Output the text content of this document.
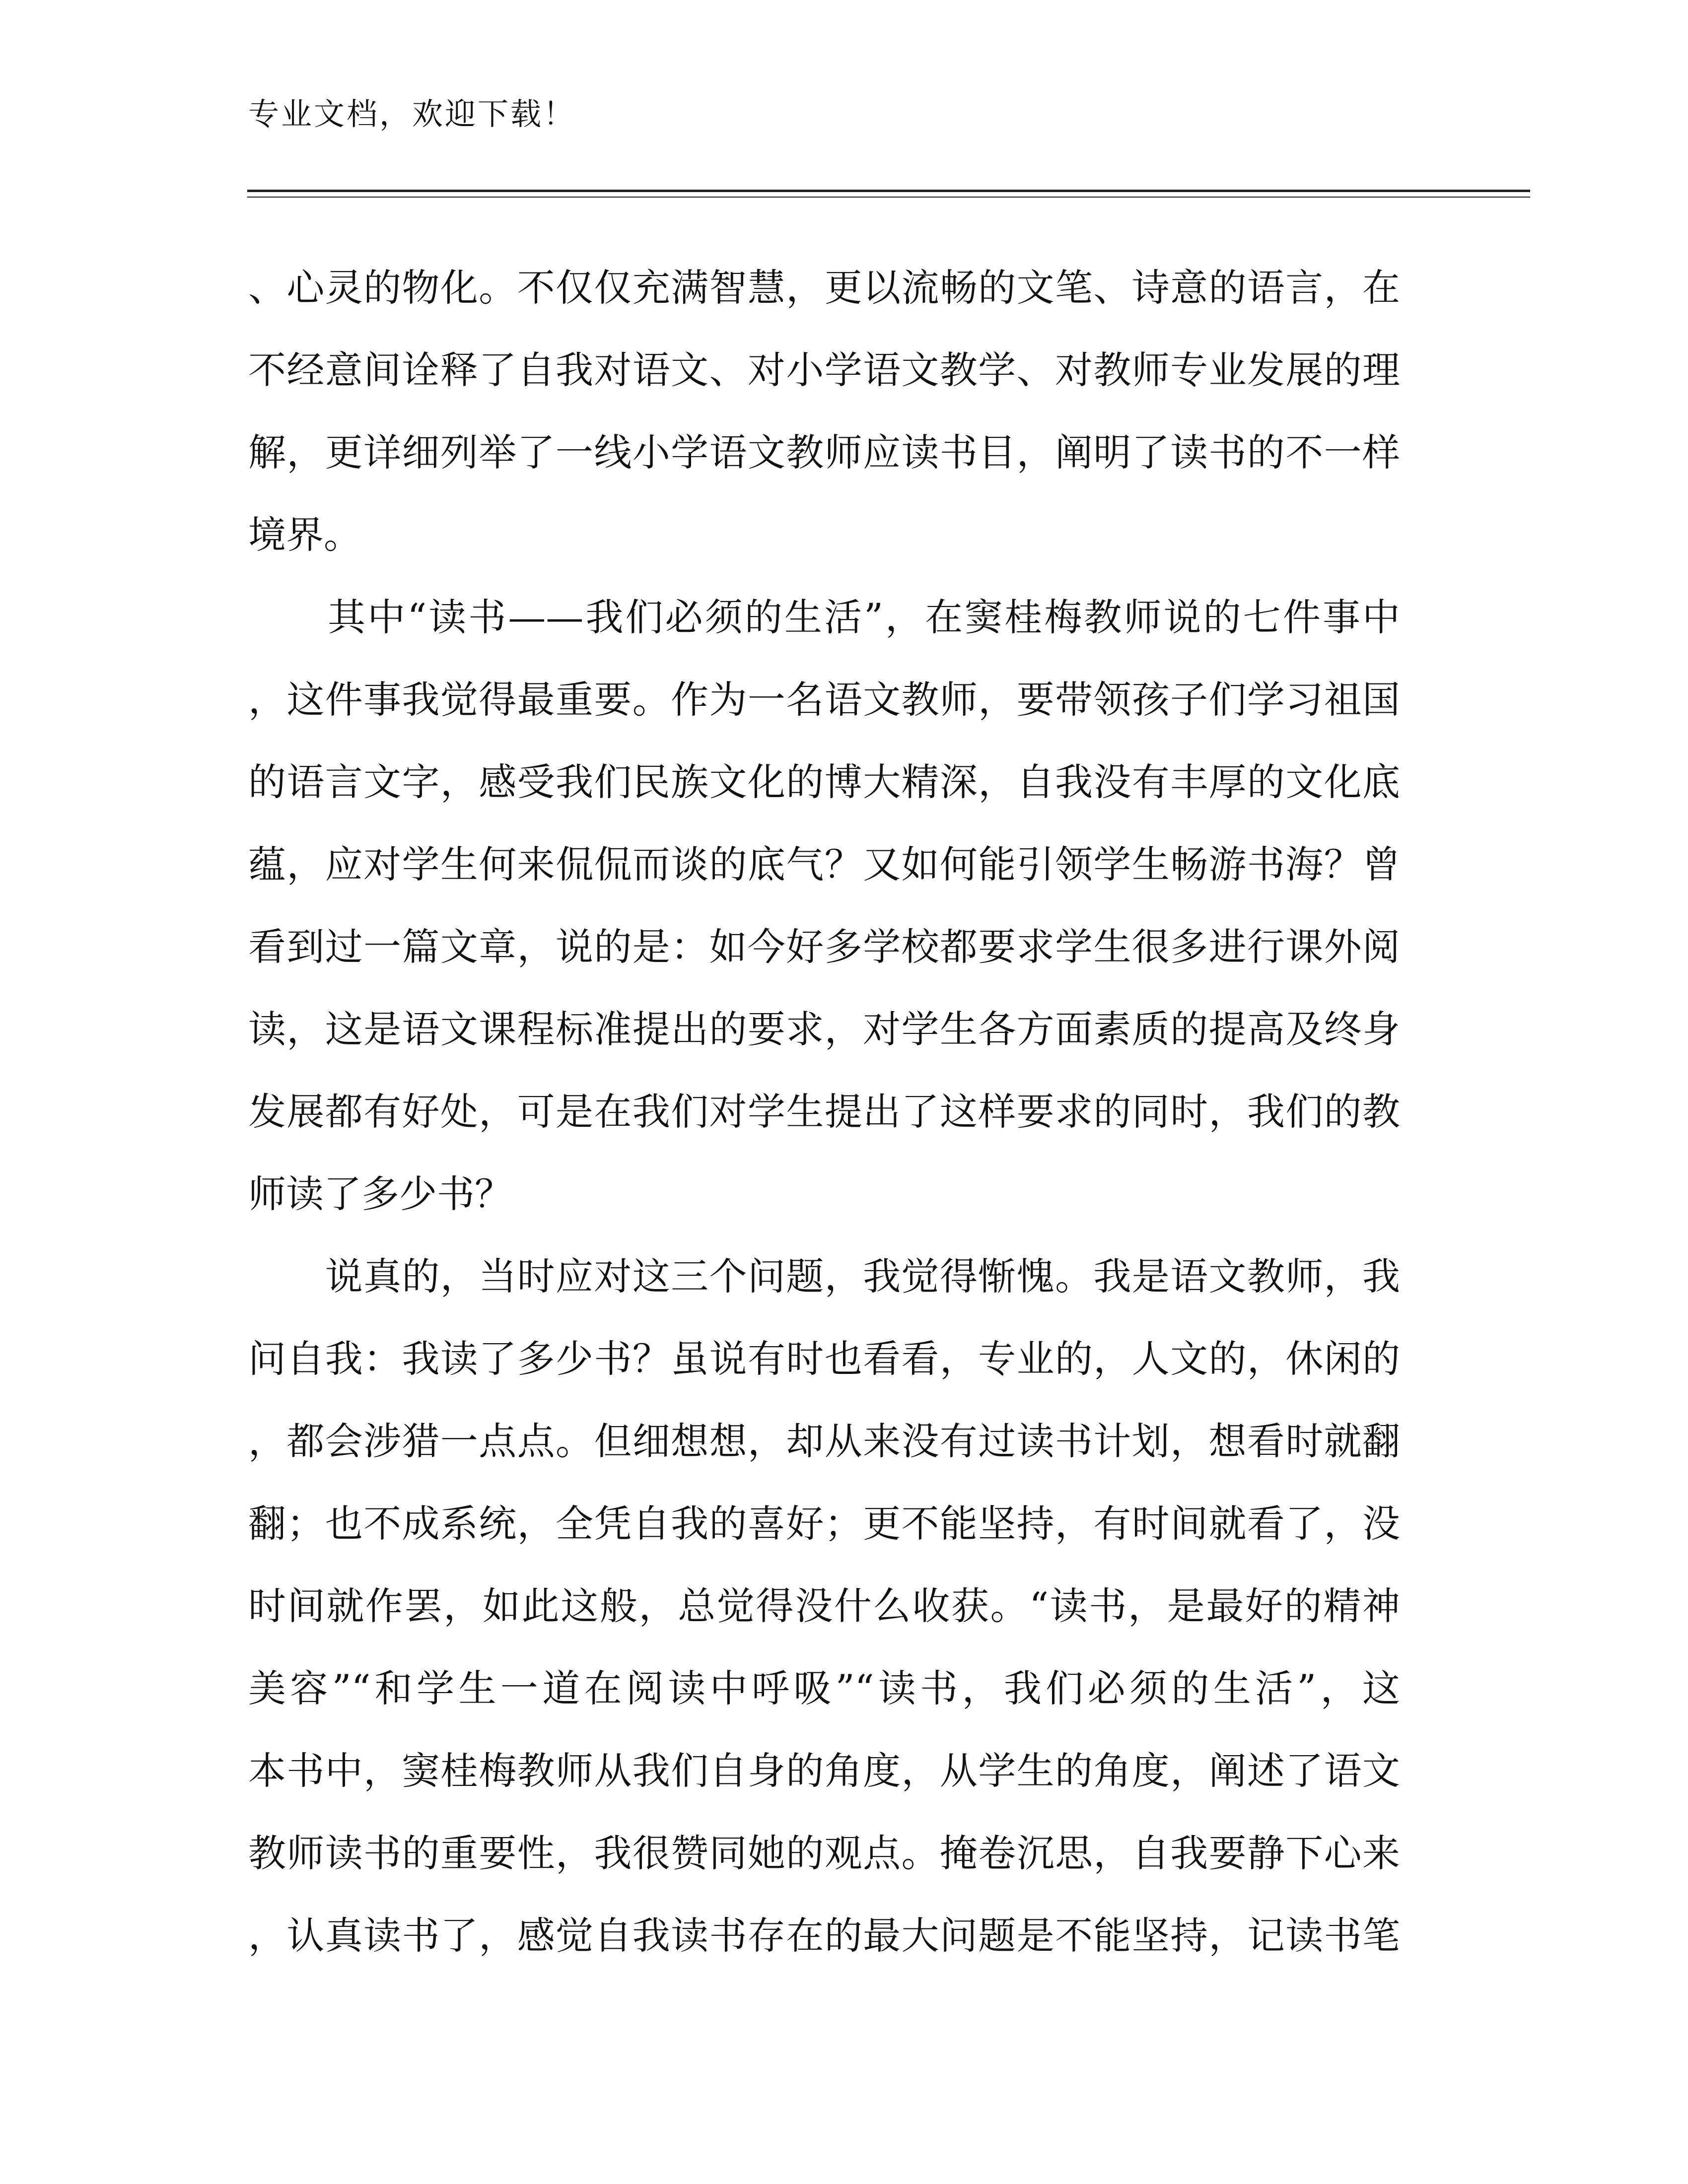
专业文档，欢迎下载！
、心灵的物化。不仅仅充满智慧，更以流畅的文笔、诗意的语言，在
不经意间诠释了自我对语文、对小学语文教学、对教师专业发展的理
解，更详细列举了一线小学语文教师应读书目，阐明了读书的不一样
境界。
　　其中“读书——我们必须的生活”，在窦桂梅教师说的七件事中
，这件事我觉得最重要。作为一名语文教师，要带领孩子们学习祖国
的语言文字，感受我们民族文化的博大精深，自我没有丰厚的文化底
蕴，应对学生何来侃侃而谈的底气？又如何能引领学生畅游书海？曾
看到过一篇文章，说的是：如今好多学校都要求学生很多进行课外阅
读，这是语文课程标准提出的要求，对学生各方面素质的提高及终身
发展都有好处，可是在我们对学生提出了这样要求的同时，我们的教
师读了多少书？
　　说真的，当时应对这三个问题，我觉得惭愧。我是语文教师，我
问自我：我读了多少书？虽说有时也看看，专业的，人文的，休闲的
，都会涉猎一点点。但细想想，却从来没有过读书计划，想看时就翻
翻；也不成系统，全凭自我的喜好；更不能坚持，有时间就看了，没
时间就作罢，如此这般，总觉得没什么收获。“读书，是最好的精神
美容”“和学生一道在阅读中呼吸”“读书，我们必须的生活”，这
本书中，窦桂梅教师从我们自身的角度，从学生的角度，阐述了语文
教师读书的重要性，我很赞同她的观点。掩卷沉思，自我要静下心来
，认真读书了，感觉自我读书存在的最大问题是不能坚持，记读书笔
